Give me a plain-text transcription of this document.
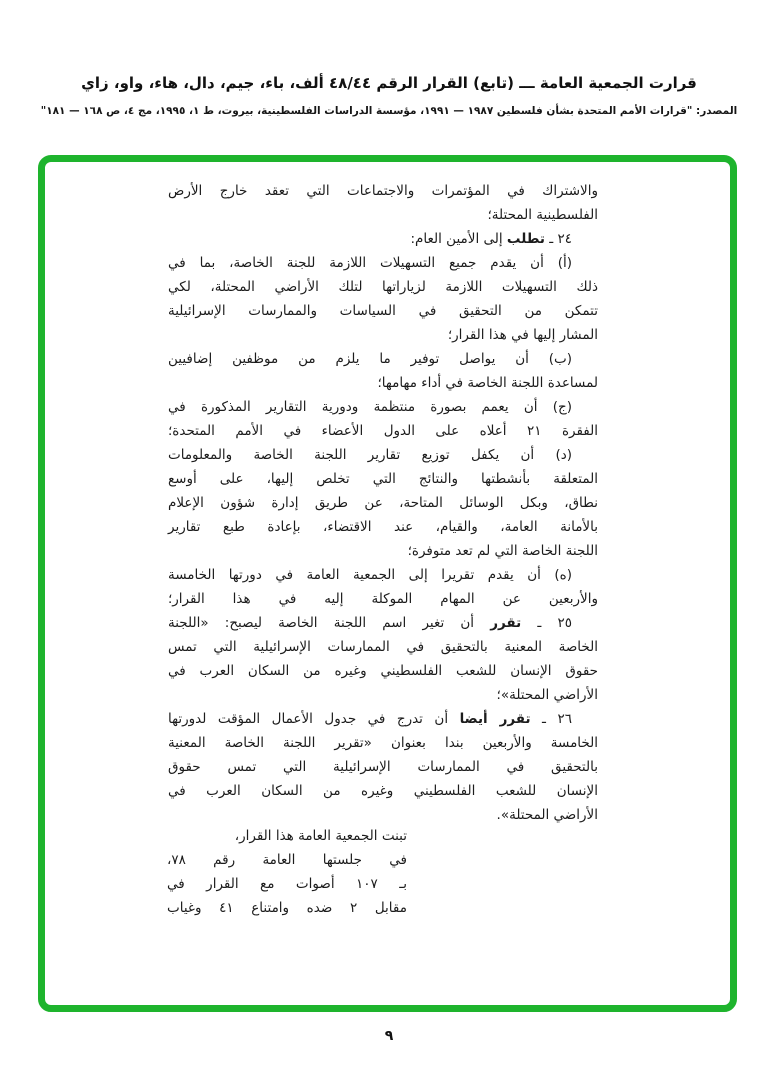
قرارت الجمعية العامة ـــ (تابع) القرار الرقم ٤٨/٤٤ ألف، باء، جيم، دال، هاء، واو، زاي
المصدر: "قرارات الأمم المتحدة بشأن فلسطين ١٩٨٧ — ١٩٩١، مؤسسة الدراسات الفلسطينية، بيروت، ط ١، ١٩٩٥، مج ٤، ص ١٦٨ — ١٨١"
والاشتراك في المؤتمرات والاجتماعات التي تعقد خارج الأرض
الفلسطينية المحتلة؛
٢٤ ـ تطلب إلى الأمين العام:
(أ) أن يقدم جميع التسهيلات اللازمة للجنة الخاصة، بما في
ذلك التسهيلات اللازمة لزياراتها لتلك الأراضي المحتلة، لكي
تتمكن من التحقيق في السياسات والممارسات الإسرائيلية
المشار إليها في هذا القرار؛
(ب) أن يواصل توفير ما يلزم من موظفين إضافيين
لمساعدة اللجنة الخاصة في أداء مهامها؛
(ج) أن يعمم بصورة منتظمة ودورية التقارير المذكورة في
الفقرة ٢١ أعلاه على الدول الأعضاء في الأمم المتحدة؛
(د) أن يكفل توزيع تقارير اللجنة الخاصة والمعلومات
المتعلقة بأنشطتها والنتائج التي تخلص إليها، على أوسع
نطاق، وبكل الوسائل المتاحة، عن طريق إدارة شؤون الإعلام
بالأمانة العامة، والقيام، عند الاقتضاء، بإعادة طبع تقارير
اللجنة الخاصة التي لم تعد متوفرة؛
(ه) أن يقدم تقريرا إلى الجمعية العامة في دورتها الخامسة
والأربعين عن المهام الموكلة إليه في هذا القرار؛
٢٥ ـ تقرر أن تغير اسم اللجنة الخاصة ليصبح: «اللجنة
الخاصة المعنية بالتحقيق في الممارسات الإسرائيلية التي تمس
حقوق الإنسان للشعب الفلسطيني وغيره من السكان العرب في
الأراضي المحتلة»؛
٢٦ ـ تقرر أيضا أن تدرج في جدول الأعمال المؤقت لدورتها
الخامسة والأربعين بندا بعنوان «تقرير اللجنة الخاصة المعنية
بالتحقيق في الممارسات الإسرائيلية التي تمس حقوق
الإنسان للشعب الفلسطيني وغيره من السكان العرب في
الأراضي المحتلة».
تبنت الجمعية العامة هذا القرار،
في جلستها العامة رقم ٧٨،
بـ ١٠٧ أصوات مع القرار في
مقابل ٢ ضده وامتناع ٤١ وغياب
٩
